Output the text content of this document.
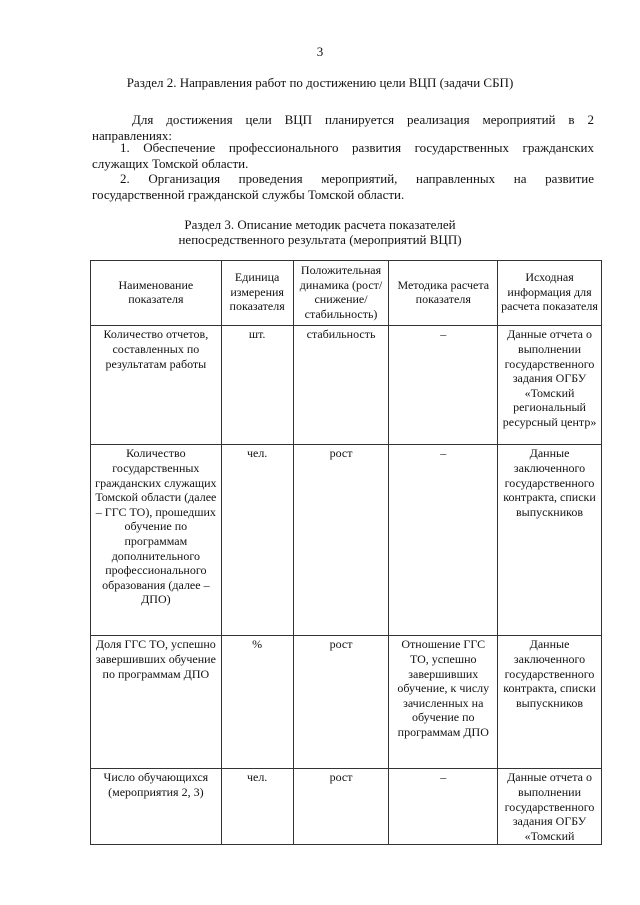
3
Раздел 2. Направления работ по достижению цели ВЦП (задачи СБП)
Для достижения цели ВЦП планируется реализация мероприятий в 2 направлениях:
1. Обеспечение профессионального развития государственных гражданских служащих Томской области.
2. Организация проведения мероприятий, направленных на развитие государственной гражданской службы Томской области.
Раздел 3. Описание методик расчета показателей
непосредственного результата (мероприятий ВЦП)
Наименование показателя	Единица измерения показателя	Положительная динамика (рост/снижение/ стабильность)	Методика расчета показателя	Исходная информация для расчета показателя
Количество отчетов, составленных по результатам работы	шт.	стабильность	–	Данные отчета о выполнении государственного задания ОГБУ «Томский региональный ресурсный центр»
Количество государственных гражданских служащих Томской области (далее – ГГС ТО), прошедших обучение по программам дополнительного профессионального образования (далее – ДПО)	чел.	рост	–	Данные заключенного государственного контракта, списки выпускников
Доля ГГС ТО, успешно завершивших обучение по программам ДПО	%	рост	Отношение ГГС ТО, успешно завершивших обучение, к числу зачисленных на обучение по программам ДПО	Данные заключенного государственного контракта, списки выпускников
Число обучающихся (мероприятия 2, 3)	чел.	рост	–	Данные отчета о выполнении государственного задания ОГБУ «Томский
